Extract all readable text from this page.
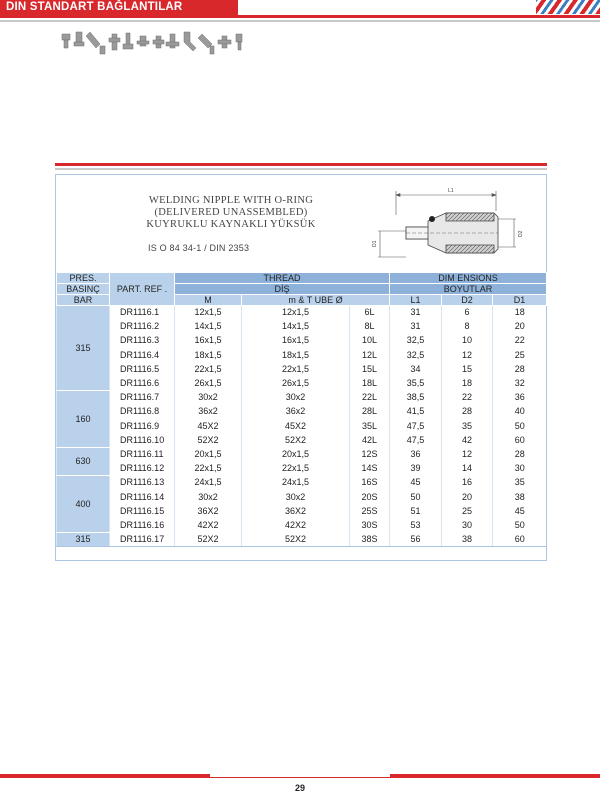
DIN STANDART BAĞLANTILAR
WELDING NIPPLE WITH O-RING
(DELIVERED UNASSEMBLED)
KUYRUKLU KAYNAKLI YÜKSÜK
IS O 84 34-1 / DIN 2353
L1
D1
D2
PRES.	PART. REF .	THREAD			DIM ENSIONS		
BASINÇ		DİŞ			BOYUTLAR		
BAR		M	m & T UBE Ø		L1	D2	D1
315	DR1116.1	12x1,5	12x1,5	6L	31	6	18
	DR1116.2	14x1,5	14x1,5	8L	31	8	20
	DR1116.3	16x1,5	16x1,5	10L	32,5	10	22
	DR1116.4	18x1,5	18x1,5	12L	32,5	12	25
	DR1116.5	22x1,5	22x1,5	15L	34	15	28
	DR1116.6	26x1,5	26x1,5	18L	35,5	18	32
160	DR1116.7	30x2	30x2	22L	38,5	22	36
	DR1116.8	36x2	36x2	28L	41,5	28	40
	DR1116.9	45X2	45X2	35L	47,5	35	50
	DR1116.10	52X2	52X2	42L	47,5	42	60
630	DR1116.11	20x1,5	20x1,5	12S	36	12	28
	DR1116.12	22x1,5	22x1,5	14S	39	14	30
400	DR1116.13	24x1,5	24x1,5	16S	45	16	35
	DR1116.14	30x2	30x2	20S	50	20	38
	DR1116.15	36X2	36X2	25S	51	25	45
	DR1116.16	42X2	42X2	30S	53	30	50
315	DR1116.17	52X2	52X2	38S	56	38	60
29
